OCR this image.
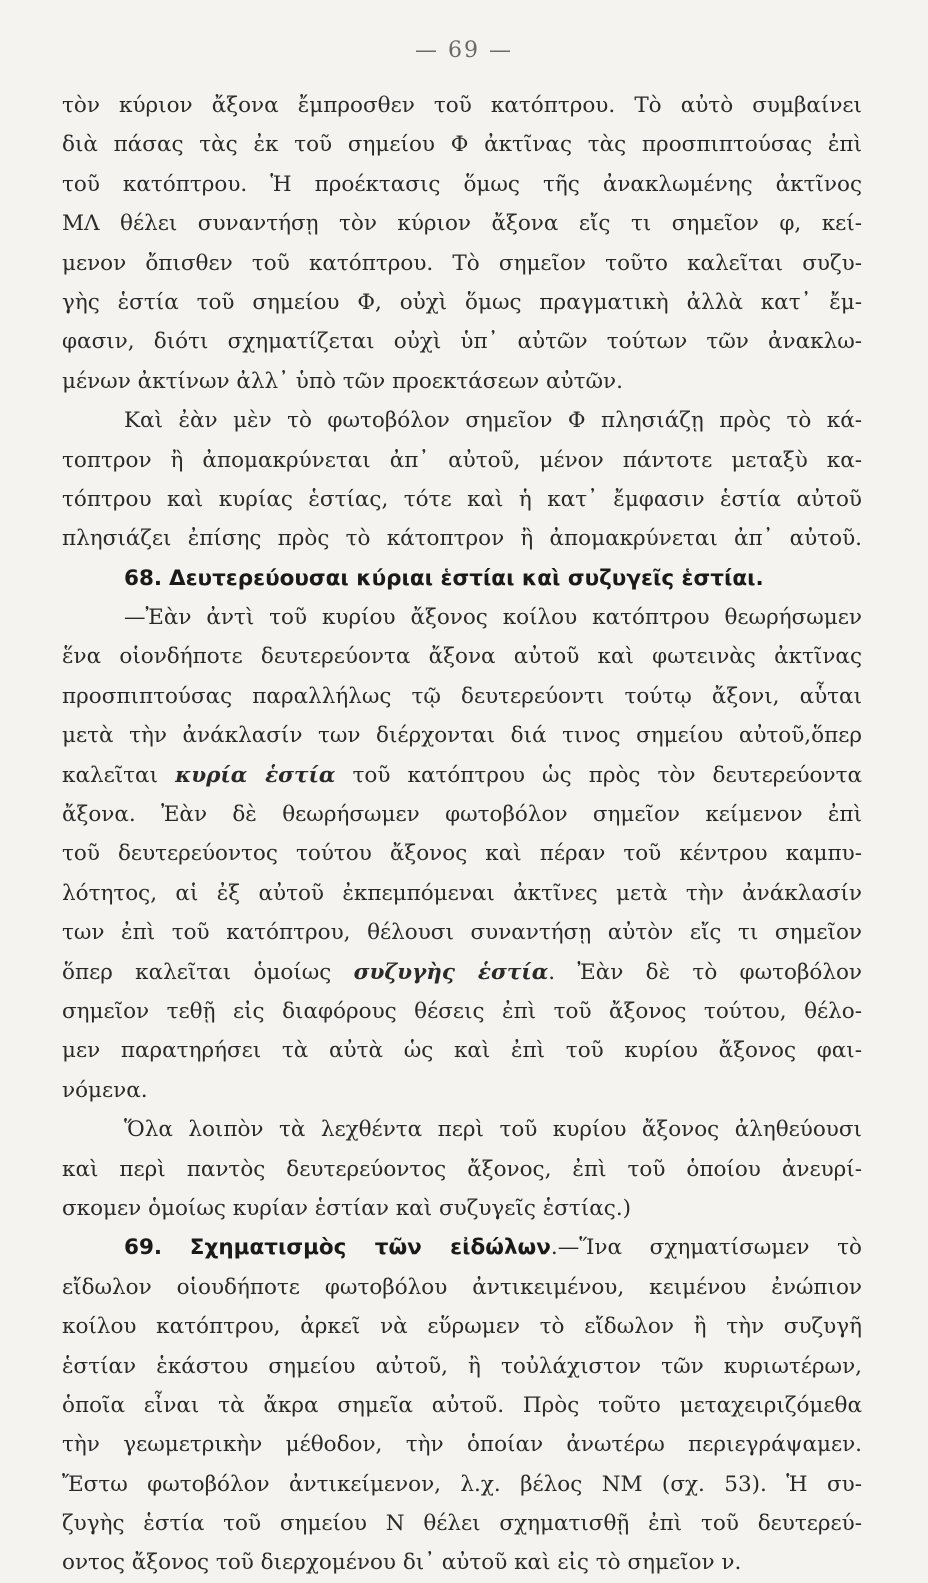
— 69 —
τὸν κύριον ἄξονα ἔμπροσθεν τοῦ κατόπτρου. Τὸ αὐτὸ συμβαίνει
διὰ πάσας τὰς ἐκ τοῦ σημείου Φ ἀκτῖνας τὰς προσπιπτούσας ἐπὶ
τοῦ κατόπτρου. Ἡ προέκτασις ὅμως τῆς ἀνακλωμένης ἀκτῖνος
ΜΛ θέλει συναντήσῃ τὸν κύριον ἄξονα εἴς τι σημεῖον φ, κεί-
μενον ὄπισθεν τοῦ κατόπτρου. Τὸ σημεῖον τοῦτο καλεῖται συζυ-
γὴς ἑστία τοῦ σημείου Φ, οὐχὶ ὅμως πραγματικὴ ἀλλὰ κατ᾽ ἔμ-
φασιν, διότι σχηματίζεται οὐχὶ ὑπ᾽ αὐτῶν τούτων τῶν ἀνακλω-
μένων ἀκτίνων ἀλλ᾽ ὑπὸ τῶν προεκτάσεων αὐτῶν.
Καὶ ἐὰν μὲν τὸ φωτοβόλον σημεῖον Φ πλησιάζῃ πρὸς τὸ κά-
τοπτρον ἢ ἀπομακρύνεται ἀπ᾽ αὐτοῦ, μένον πάντοτε μεταξὺ κα-
τόπτρου καὶ κυρίας ἑστίας, τότε καὶ ἡ κατ᾽ ἔμφασιν ἑστία αὐτοῦ
πλησιάζει ἐπίσης πρὸς τὸ κάτοπτρον ἢ ἀπομακρύνεται ἀπ᾽ αὐτοῦ.
68. Δευτερεύουσαι κύριαι ἑστίαι καὶ συζυγεῖς ἑστίαι.
—Ἐὰν ἀντὶ τοῦ κυρίου ἄξονος κοίλου κατόπτρου θεωρήσωμεν
ἕνα οἱονδήποτε δευτερεύοντα ἄξονα αὐτοῦ καὶ φωτεινὰς ἀκτῖνας
προσπιπτούσας παραλλήλως τῷ δευτερεύοντι τούτῳ ἄξονι, αὗται
μετὰ τὴν ἀνάκλασίν των διέρχονται διά τινος σημείου αὐτοῦ,ὅπερ
καλεῖται κυρία ἑστία τοῦ κατόπτρου ὡς πρὸς τὸν δευτερεύοντα
ἄξονα. Ἐὰν δὲ θεωρήσωμεν φωτοβόλον σημεῖον κείμενον ἐπὶ
τοῦ δευτερεύοντος τούτου ἄξονος καὶ πέραν τοῦ κέντρου καμπυ-
λότητος, αἱ ἐξ αὐτοῦ ἐκπεμπόμεναι ἀκτῖνες μετὰ τὴν ἀνάκλασίν
των ἐπὶ τοῦ κατόπτρου, θέλουσι συναντήσῃ αὐτὸν εἴς τι σημεῖον
ὅπερ καλεῖται ὁμοίως συζυγὴς ἑστία. Ἐὰν δὲ τὸ φωτοβόλον
σημεῖον τεθῇ εἰς διαφόρους θέσεις ἐπὶ τοῦ ἄξονος τούτου, θέλο-
μεν παρατηρήσει τὰ αὐτὰ ὡς καὶ ἐπὶ τοῦ κυρίου ἄξονος φαι-
νόμενα.
Ὅλα λοιπὸν τὰ λεχθέντα περὶ τοῦ κυρίου ἄξονος ἀληθεύουσι
καὶ περὶ παντὸς δευτερεύοντος ἄξονος, ἐπὶ τοῦ ὁποίου ἀνευρί-
σκομεν ὁμοίως κυρίαν ἑστίαν καὶ συζυγεῖς ἑστίας.)
69. Σχηματισμὸς τῶν εἰδώλων.—Ἵνα σχηματίσωμεν τὸ
εἴδωλον οἱουδήποτε φωτοβόλου ἀντικειμένου, κειμένου ἐνώπιον
κοίλου κατόπτρου, ἀρκεῖ νὰ εὕρωμεν τὸ εἴδωλον ἢ τὴν συζυγῆ
ἑστίαν ἑκάστου σημείου αὐτοῦ, ἢ τοὐλάχιστον τῶν κυριωτέρων,
ὁποῖα εἶναι τὰ ἄκρα σημεῖα αὐτοῦ. Πρὸς τοῦτο μεταχειριζόμεθα
τὴν γεωμετρικὴν μέθοδον, τὴν ὁποίαν ἀνωτέρω περιεγράψαμεν.
Ἔστω φωτοβόλον ἀντικείμενον, λ.χ. βέλος ΝΜ (σχ. 53). Ἡ συ-
ζυγὴς ἑστία τοῦ σημείου Ν θέλει σχηματισθῇ ἐπὶ τοῦ δευτερεύ-
οντος ἄξονος τοῦ διερχομένου δι᾽ αὐτοῦ καὶ εἰς τὸ σημεῖον ν.
